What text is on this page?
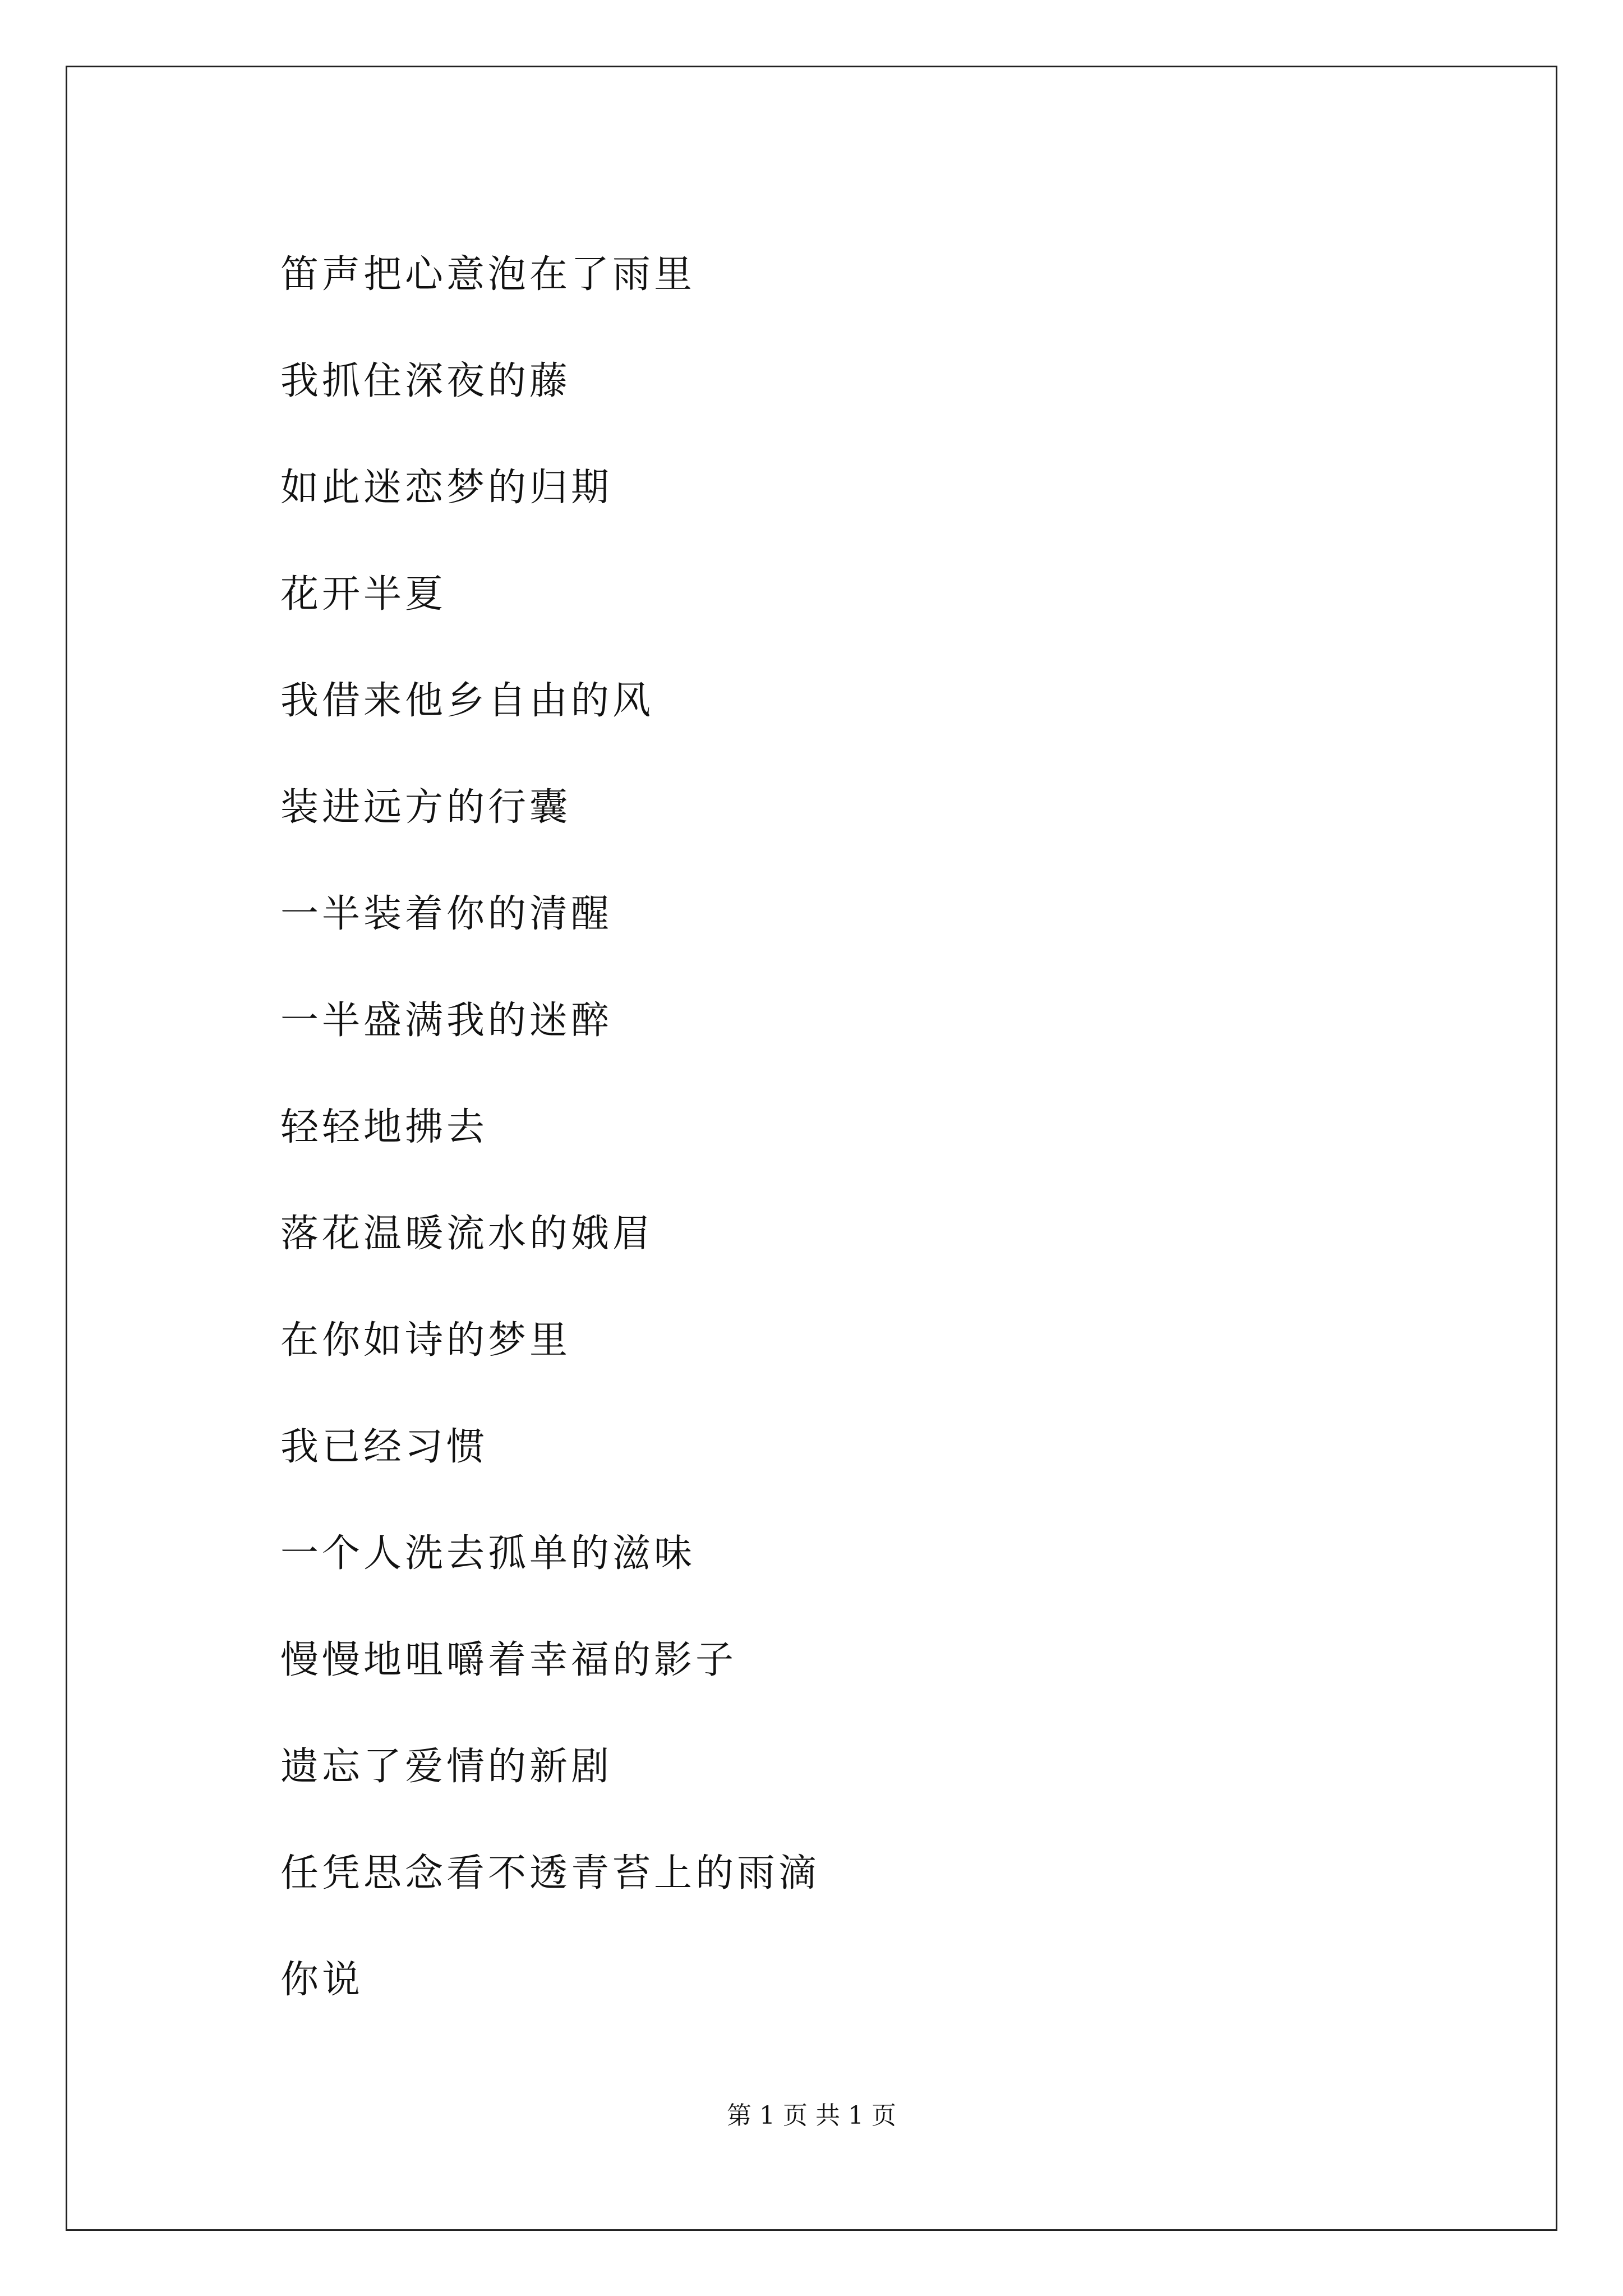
笛声把心意泡在了雨里
我抓住深夜的藤
如此迷恋梦的归期
花开半夏
我借来他乡自由的风
装进远方的行囊
一半装着你的清醒
一半盛满我的迷醉
轻轻地拂去
落花温暖流水的娥眉
在你如诗的梦里
我已经习惯
一个人洗去孤单的滋味
慢慢地咀嚼着幸福的影子
遗忘了爱情的新剧
任凭思念看不透青苔上的雨滴
你说
第 1 页 共 1 页
